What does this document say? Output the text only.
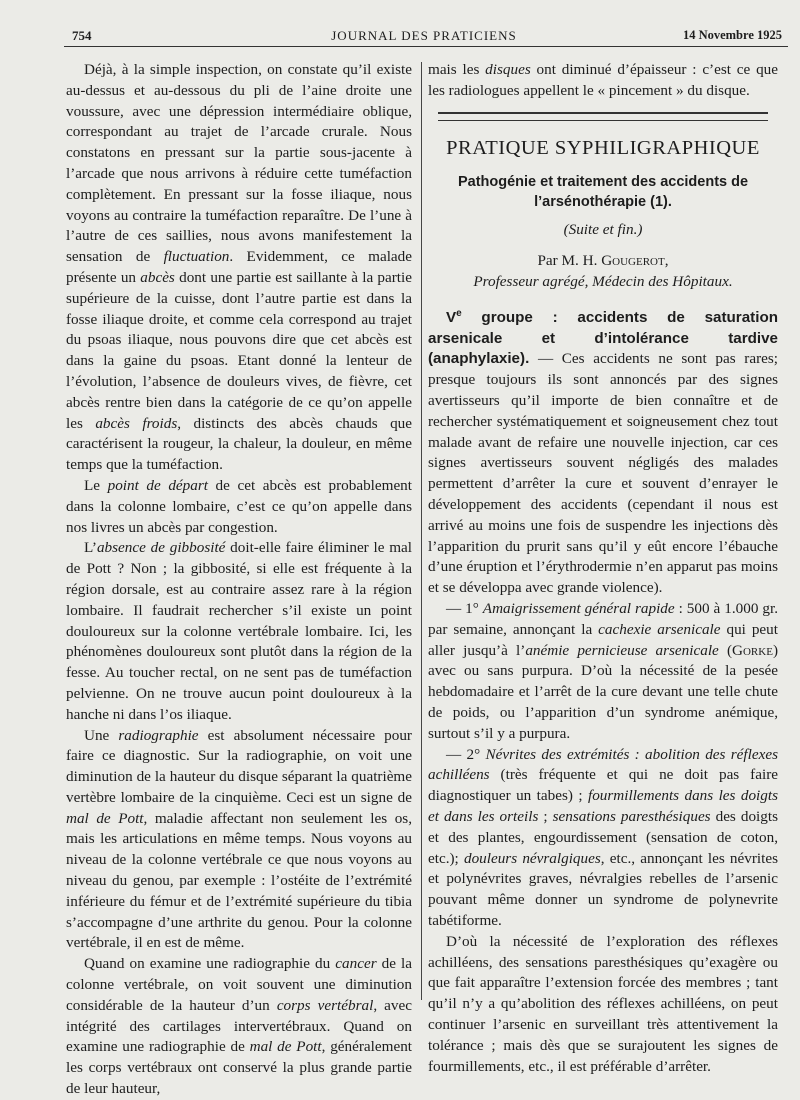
754	JOURNAL DES PRATICIENS	14 Novembre 1925

Déjà, à la simple inspection, on constate qu’il existe au-dessus et au-dessous du pli de l’aine droite une voussure, avec une dépression intermédiaire oblique, correspondant au trajet de l’arcade crurale. Nous constatons en pressant sur la partie sous-jacente à l’arcade que nous arrivons à réduire cette tuméfaction complètement. En pressant sur la fosse iliaque, nous voyons au contraire la tuméfaction reparaître. De l’une à l’autre de ces saillies, nous avons manifestement la sensation de fluctuation. Evidemment, ce malade présente un abcès dont une partie est saillante à la partie supérieure de la cuisse, dont l’autre partie est dans la fosse iliaque droite, et comme cela correspond au trajet du psoas iliaque, nous pouvons dire que cet abcès est dans la gaine du psoas. Etant donné la lenteur de l’évolution, l’absence de douleurs vives, de fièvre, cet abcès rentre bien dans la catégorie de ce qu’on appelle les abcès froids, distincts des abcès chauds que caractérisent la rougeur, la chaleur, la douleur, en même temps que la tuméfaction.

Le point de départ de cet abcès est probablement dans la colonne lombaire, c’est ce qu’on appelle dans nos livres un abcès par congestion.

L’absence de gibbosité doit-elle faire éliminer le mal de Pott ? Non ; la gibbosité, si elle est fréquente à la région dorsale, est au contraire assez rare à la région lombaire. Il faudrait rechercher s’il existe un point douloureux sur la colonne vertébrale lombaire. Ici, les phénomènes douloureux sont plutôt dans la région de la fesse. Au toucher rectal, on ne sent pas de tuméfaction pelvienne. On ne trouve aucun point douloureux à la hanche ni dans l’os iliaque.

Une radiographie est absolument nécessaire pour faire ce diagnostic. Sur la radiographie, on voit une diminution de la hauteur du disque séparant la quatrième vertèbre lombaire de la cinquième. Ceci est un signe de mal de Pott, maladie affectant non seulement les os, mais les articulations en même temps. Nous voyons au niveau de la colonne vertébrale ce que nous voyons au niveau du genou, par exemple : l’ostéite de l’extrémité inférieure du fémur et de l’extrémité supérieure du tibia s’accompagne d’une arthrite du genou. Pour la colonne vertébrale, il en est de même.

Quand on examine une radiographie du cancer de la colonne vertébrale, on voit souvent une diminution considérable de la hauteur d’un corps vertébral, avec intégrité des cartilages intervertébraux. Quand on examine une radiographie de mal de Pott, généralement les corps vertébraux ont conservé la plus grande partie de leur hauteur,

mais les disques ont diminué d’épaisseur : c’est ce que les radiologues appellent le « pincement » du disque.

PRATIQUE SYPHILIGRAPHIQUE
Pathogénie et traitement des accidents de l’arsénothérapie (1).
(Suite et fin.)
Par M. H. Gougerot,
Professeur agrégé, Médecin des Hôpitaux.

Ve groupe : accidents de saturation arsenicale et d’intolérance tardive (anaphylaxie). — Ces accidents ne sont pas rares; presque toujours ils sont annoncés par des signes avertisseurs qu’il importe de bien connaître et de rechercher systématiquement et soigneusement chez tout malade avant de refaire une nouvelle injection, car ces signes avertisseurs souvent négligés des malades permettent d’arrêter la cure et souvent d’enrayer le développement des accidents (cependant il nous est arrivé au moins une fois de suspendre les injections dès l’apparition du prurit sans qu’il y eût encore l’ébauche d’une éruption et l’érythrodermie n’en apparut pas moins et se développa avec grande violence).

— 1° Amaigrissement général rapide : 500 à 1.000 gr. par semaine, annonçant la cachexie arsenicale qui peut aller jusqu’à l’anémie pernicieuse arsenicale (Gorke) avec ou sans purpura. D’où la nécessité de la pesée hebdomadaire et l’arrêt de la cure devant une telle chute de poids, ou l’apparition d’un syndrome anémique, surtout s’il y a purpura.

— 2° Névrites des extrémités : abolition des réflexes achilléens (très fréquente et qui ne doit pas faire diagnostiquer un tabes) ; fourmillements dans les doigts et dans les orteils ; sensations paresthésiques des doigts et des plantes, engourdissement (sensation de coton, etc.); douleurs névralgiques, etc., annonçant les névrites et polynévrites graves, névralgies rebelles de l’arsenic pouvant même donner un syndrome de polynevrite tabétiforme.

D’où la nécessité de l’exploration des réflexes achilléens, des sensations paresthésiques qu’exagère ou que fait apparaître l’extension forcée des membres ; tant qu’il n’y a qu’abolition des réflexes achilléens, on peut continuer l’arsenic en surveillant très attentivement la tolérance ; mais dès que se surajoutent les signes de fourmillements, etc., il est préférable d’arrêter.
